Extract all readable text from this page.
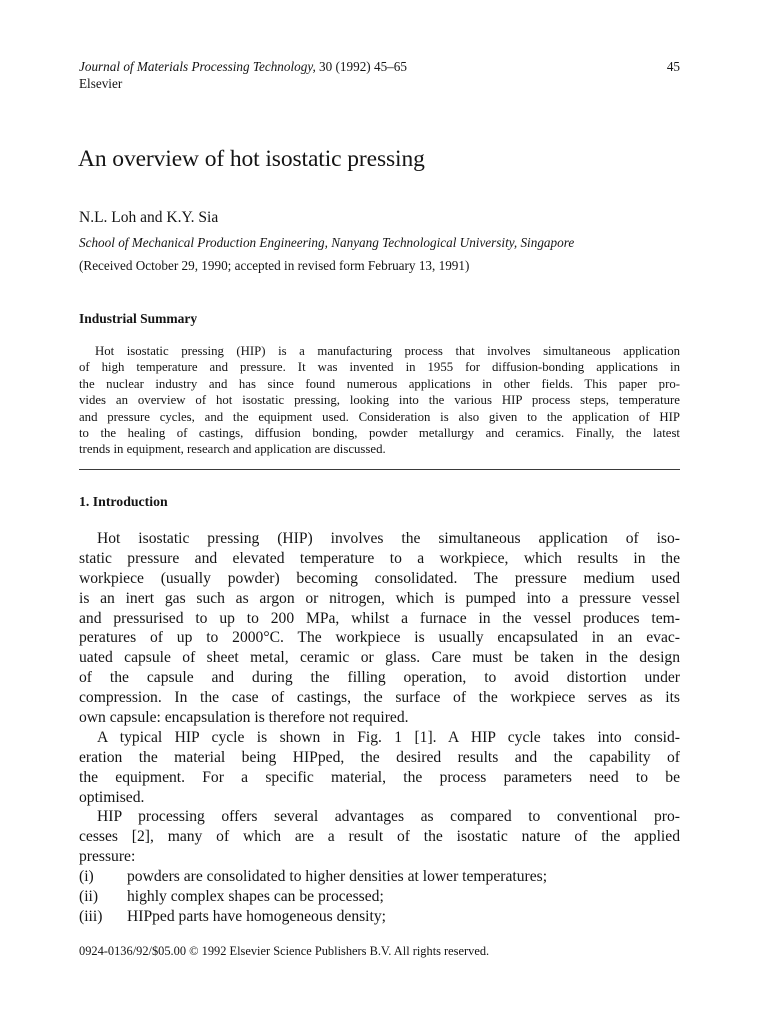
Journal of Materials Processing Technology, 30 (1992) 45–65
Elsevier
45
An overview of hot isostatic pressing
N.L. Loh and K.Y. Sia
School of Mechanical Production Engineering, Nanyang Technological University, Singapore
(Received October 29, 1990; accepted in revised form February 13, 1991)
Industrial Summary
Hot isostatic pressing (HIP) is a manufacturing process that involves simultaneous application
of high temperature and pressure. It was invented in 1955 for diffusion-bonding applications in
the nuclear industry and has since found numerous applications in other fields. This paper pro-
vides an overview of hot isostatic pressing, looking into the various HIP process steps, temperature
and pressure cycles, and the equipment used. Consideration is also given to the application of HIP
to the healing of castings, diffusion bonding, powder metallurgy and ceramics. Finally, the latest
trends in equipment, research and application are discussed.
1. Introduction
Hot isostatic pressing (HIP) involves the simultaneous application of iso-
static pressure and elevated temperature to a workpiece, which results in the
workpiece (usually powder) becoming consolidated. The pressure medium used
is an inert gas such as argon or nitrogen, which is pumped into a pressure vessel
and pressurised to up to 200 MPa, whilst a furnace in the vessel produces tem-
peratures of up to 2000°C. The workpiece is usually encapsulated in an evac-
uated capsule of sheet metal, ceramic or glass. Care must be taken in the design
of the capsule and during the filling operation, to avoid distortion under
compression. In the case of castings, the surface of the workpiece serves as its
own capsule: encapsulation is therefore not required.
A typical HIP cycle is shown in Fig. 1 [1]. A HIP cycle takes into consid-
eration the material being HIPped, the desired results and the capability of
the equipment. For a specific material, the process parameters need to be
optimised.
HIP processing offers several advantages as compared to conventional pro-
cesses [2], many of which are a result of the isostatic nature of the applied
pressure:
(i) powders are consolidated to higher densities at lower temperatures;
(ii) highly complex shapes can be processed;
(iii) HIPped parts have homogeneous density;
0924-0136/92/$05.00 © 1992 Elsevier Science Publishers B.V. All rights reserved.
